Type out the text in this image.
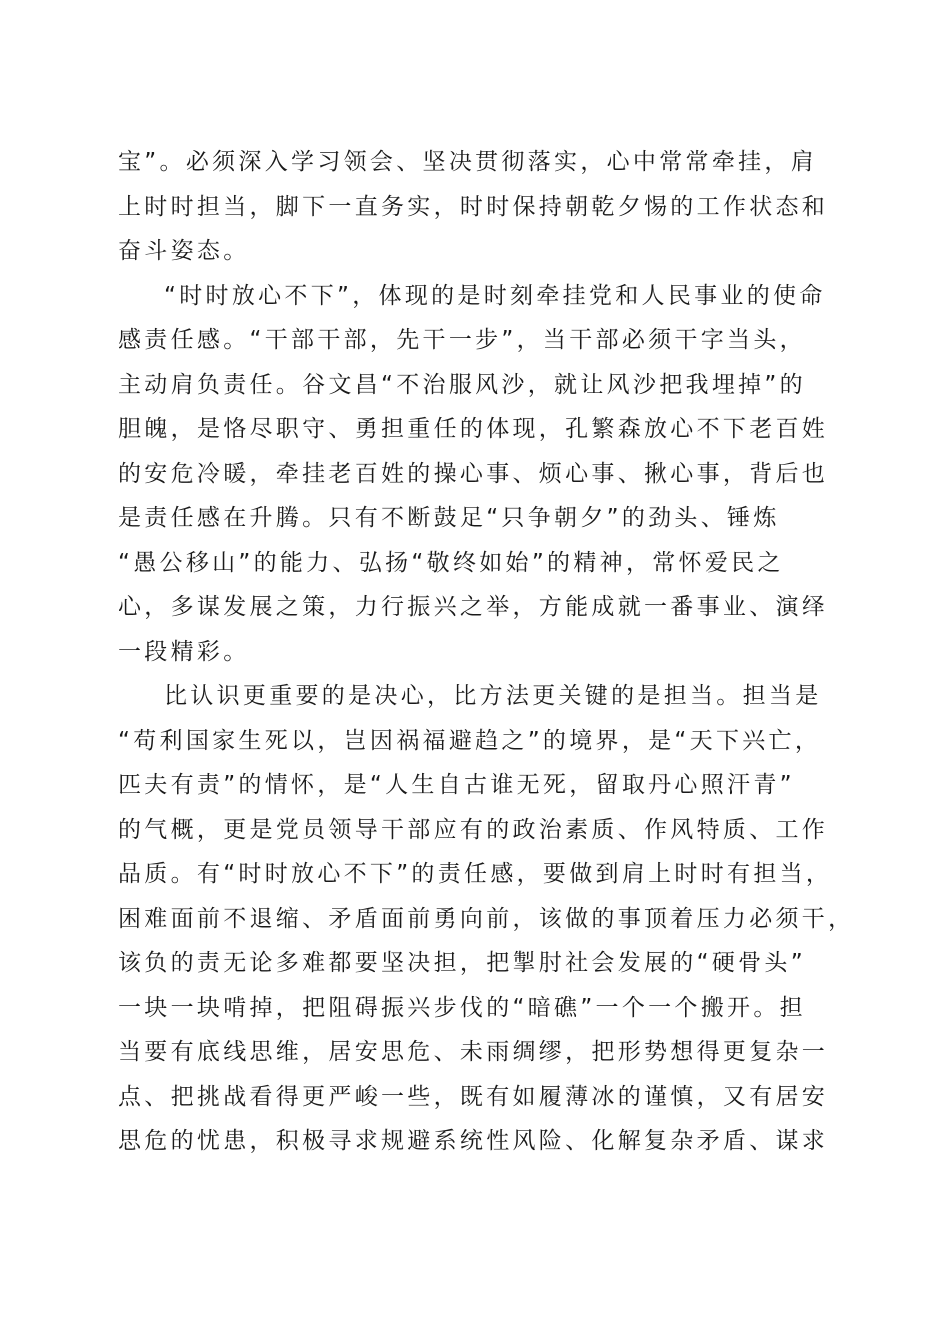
宝”。必须深入学习领会、坚决贯彻落实，心中常常牵挂，肩
上时时担当，脚下一直务实，时时保持朝乾夕惕的工作状态和
奋斗姿态。
“时时放心不下”，体现的是时刻牵挂党和人民事业的使命
感责任感。“干部干部，先干一步”，当干部必须干字当头，
主动肩负责任。谷文昌“不治服风沙，就让风沙把我埋掉”的
胆魄，是恪尽职守、勇担重任的体现，孔繁森放心不下老百姓
的安危冷暖，牵挂老百姓的操心事、烦心事、揪心事，背后也
是责任感在升腾。只有不断鼓足“只争朝夕”的劲头、锤炼
“愚公移山”的能力、弘扬“敬终如始”的精神，常怀爱民之
心，多谋发展之策，力行振兴之举，方能成就一番事业、演绎
一段精彩。
比认识更重要的是决心，比方法更关键的是担当。担当是
“苟利国家生死以，岂因祸福避趋之”的境界，是“天下兴亡，
匹夫有责”的情怀，是“人生自古谁无死，留取丹心照汗青”
的气概，更是党员领导干部应有的政治素质、作风特质、工作
品质。有“时时放心不下”的责任感，要做到肩上时时有担当，
困难面前不退缩、矛盾面前勇向前，该做的事顶着压力必须干，
该负的责无论多难都要坚决担，把掣肘社会发展的“硬骨头”
一块一块啃掉，把阻碍振兴步伐的“暗礁”一个一个搬开。担
当要有底线思维，居安思危、未雨绸缪，把形势想得更复杂一
点、把挑战看得更严峻一些，既有如履薄冰的谨慎，又有居安
思危的忧患，积极寻求规避系统性风险、化解复杂矛盾、谋求
